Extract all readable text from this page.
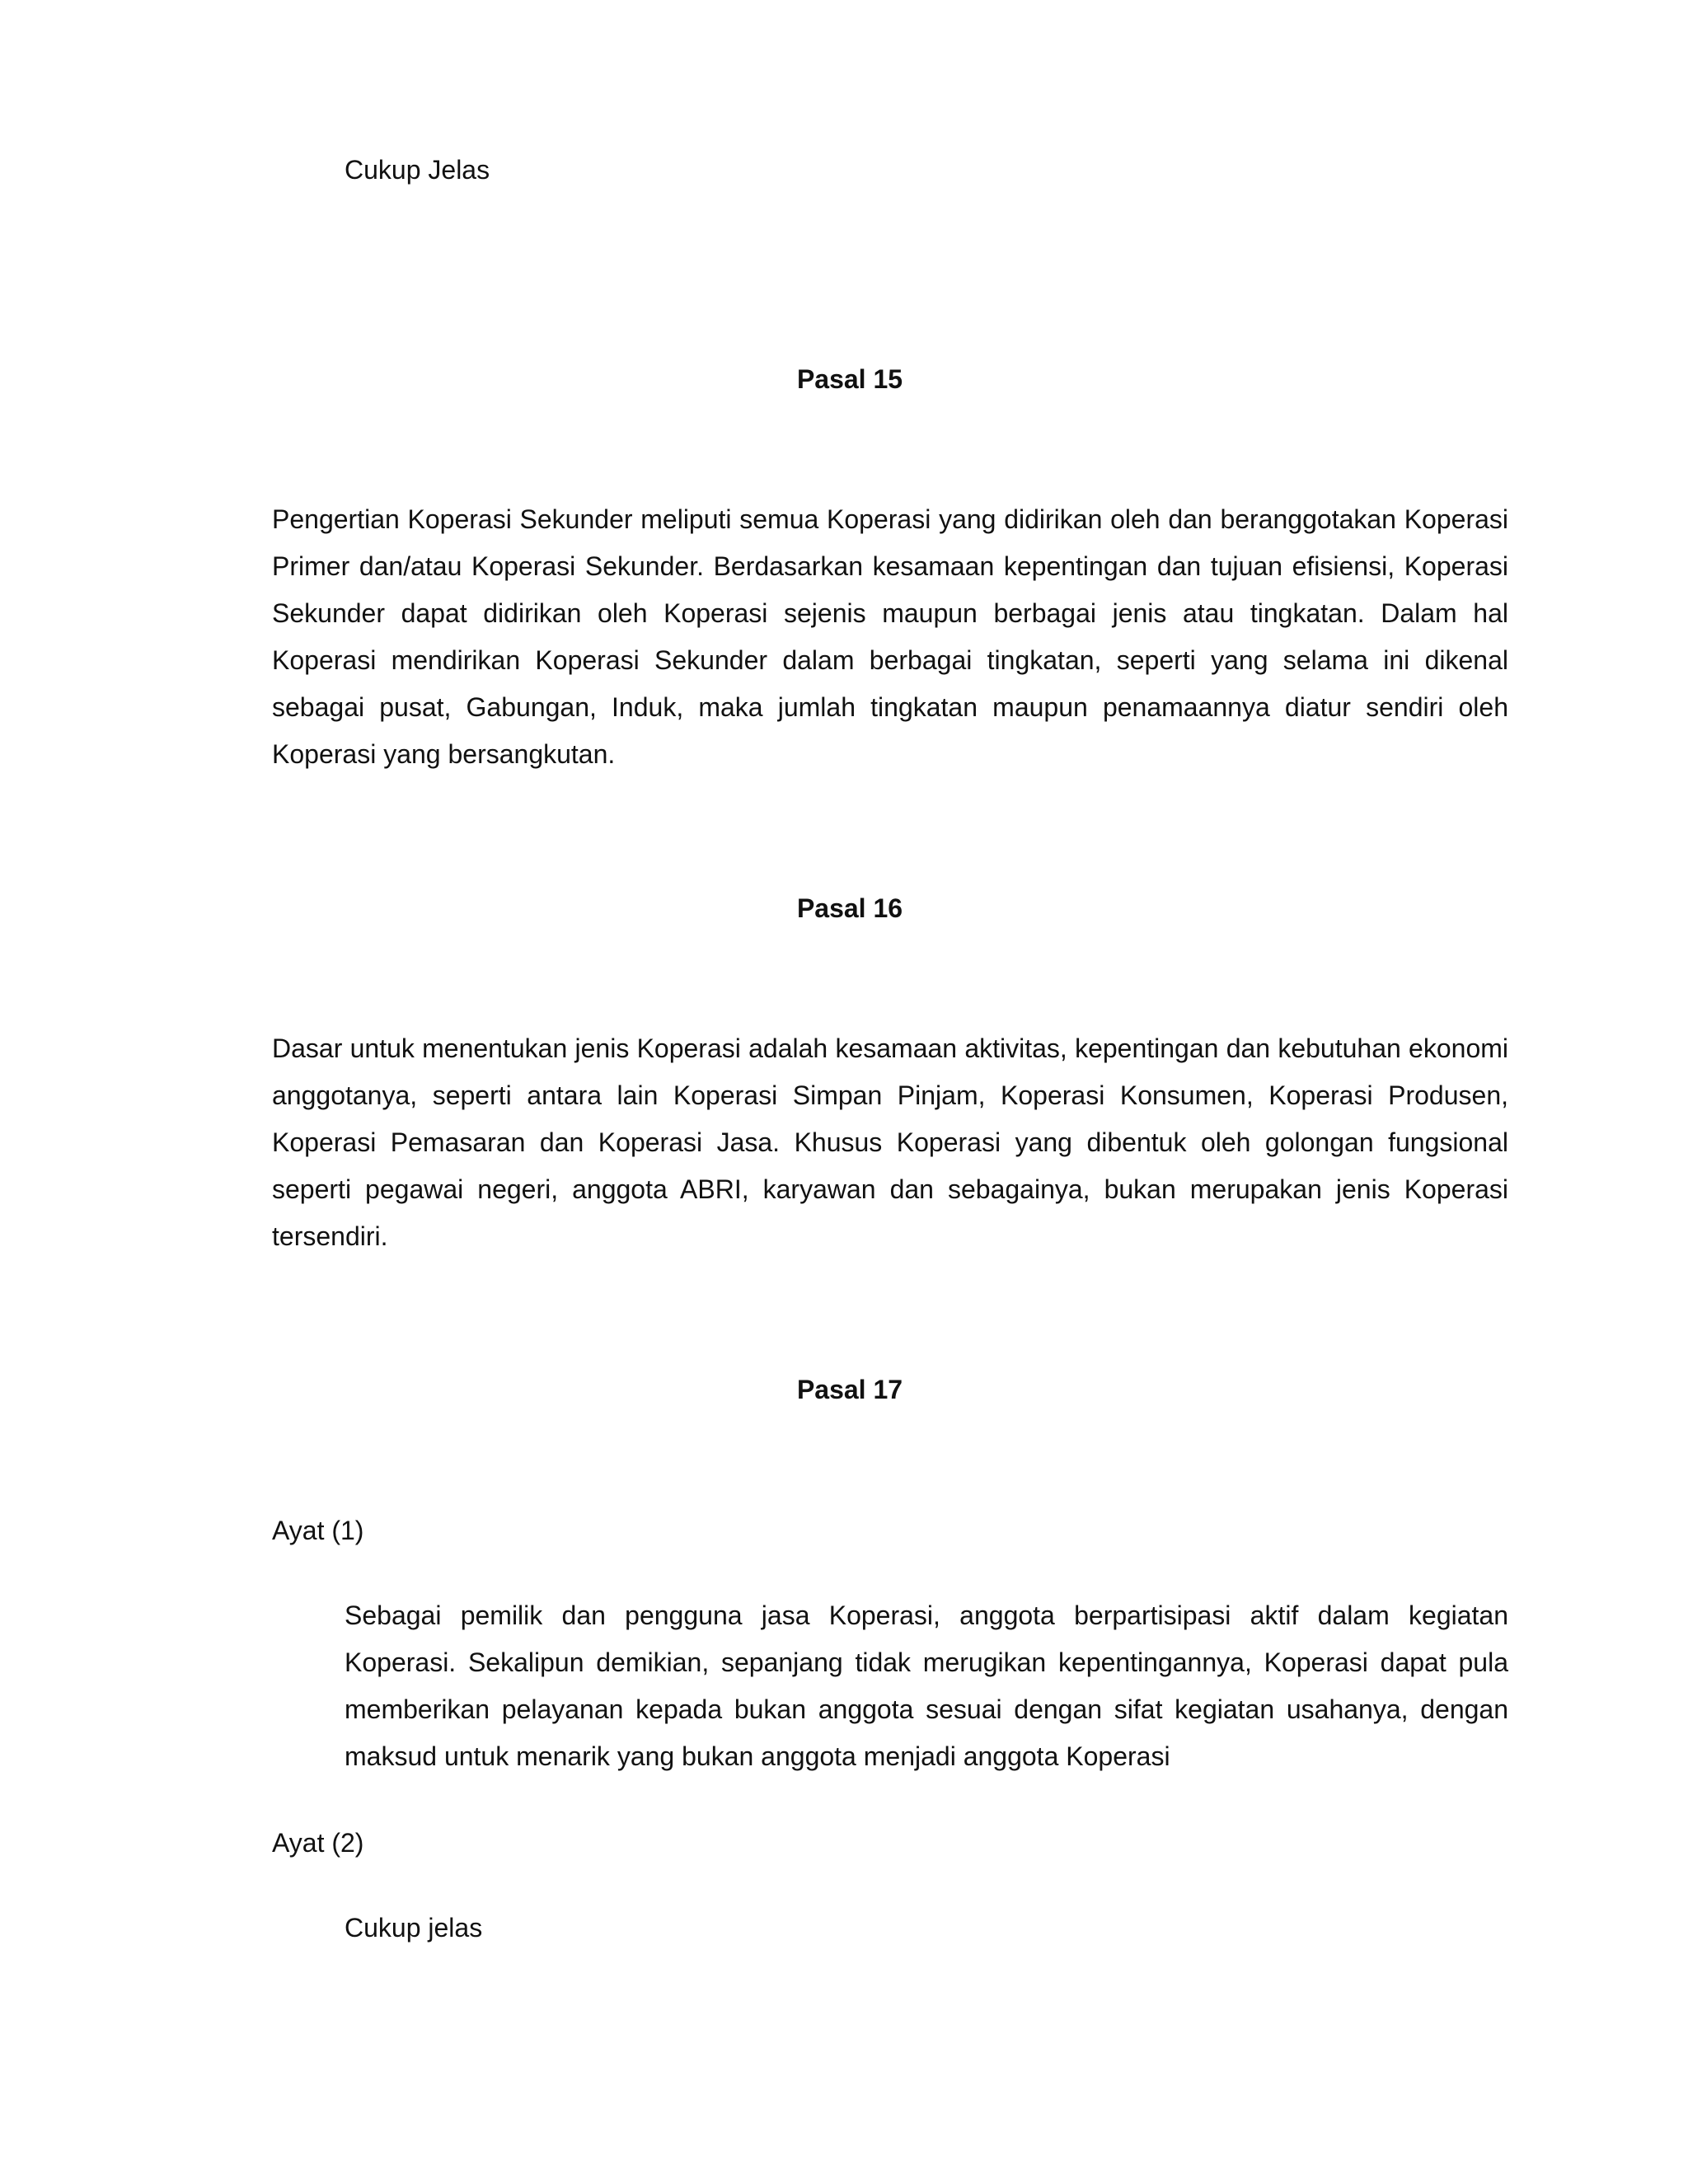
Cukup Jelas

Pasal 15

Pengertian Koperasi Sekunder meliputi semua Koperasi yang didirikan oleh dan beranggotakan Koperasi Primer dan/atau Koperasi Sekunder. Berdasarkan kesamaan kepentingan dan tujuan efisiensi, Koperasi Sekunder dapat didirikan oleh Koperasi sejenis maupun berbagai jenis atau tingkatan. Dalam hal Koperasi mendirikan Koperasi Sekunder dalam berbagai tingkatan, seperti yang selama ini dikenal sebagai pusat, Gabungan, Induk, maka jumlah tingkatan maupun penamaannya diatur sendiri oleh Koperasi yang bersangkutan.

Pasal 16

Dasar untuk menentukan jenis Koperasi adalah kesamaan aktivitas, kepentingan dan kebutuhan ekonomi anggotanya, seperti antara lain Koperasi Simpan Pinjam, Koperasi Konsumen, Koperasi Produsen, Koperasi Pemasaran dan Koperasi Jasa. Khusus Koperasi yang dibentuk oleh golongan fungsional seperti pegawai negeri, anggota ABRI, karyawan dan sebagainya, bukan merupakan jenis Koperasi tersendiri.

Pasal 17

Ayat (1)

Sebagai pemilik dan pengguna jasa Koperasi, anggota berpartisipasi aktif dalam kegiatan Koperasi. Sekalipun demikian, sepanjang tidak merugikan kepentingannya, Koperasi dapat pula memberikan pelayanan kepada bukan anggota sesuai dengan sifat kegiatan usahanya, dengan maksud untuk menarik yang bukan anggota menjadi anggota Koperasi

Ayat (2)

Cukup jelas
